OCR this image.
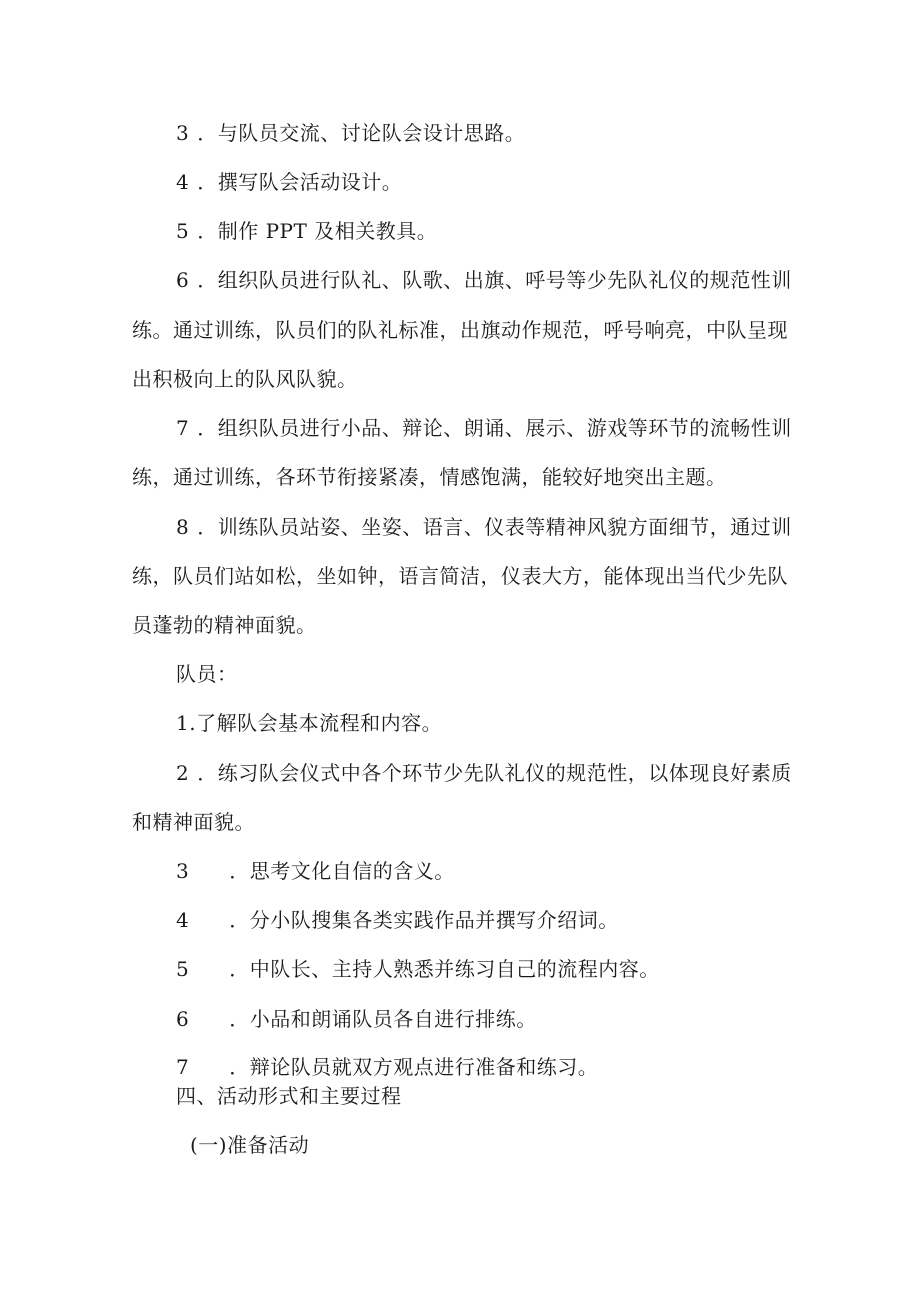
3 ．与队员交流、讨论队会设计思路。
4 ．撰写队会活动设计。
5 ．制作 PPT 及相关教具。
6 ．组织队员进行队礼、队歌、出旗、呼号等少先队礼仪的规范性训
练。通过训练，队员们的队礼标准，出旗动作规范，呼号响亮，中队呈现
出积极向上的队风队貌。
7 ．组织队员进行小品、辩论、朗诵、展示、游戏等环节的流畅性训
练，通过训练，各环节衔接紧凑，情感饱满，能较好地突出主题。
8 ．训练队员站姿、坐姿、语言、仪表等精神风貌方面细节，通过训
练，队员们站如松，坐如钟，语言简洁，仪表大方，能体现出当代少先队
员蓬勃的精神面貌。
队员：
1.了解队会基本流程和内容。
2 ．练习队会仪式中各个环节少先队礼仪的规范性，以体现良好素质
和精神面貌。
3 ．思考文化自信的含义。
4 ．分小队搜集各类实践作品并撰写介绍词。
5 ．中队长、主持人熟悉并练习自己的流程内容。
6 ．小品和朗诵队员各自进行排练。
7 ．辩论队员就双方观点进行准备和练习。
四、活动形式和主要过程
(一)准备活动
